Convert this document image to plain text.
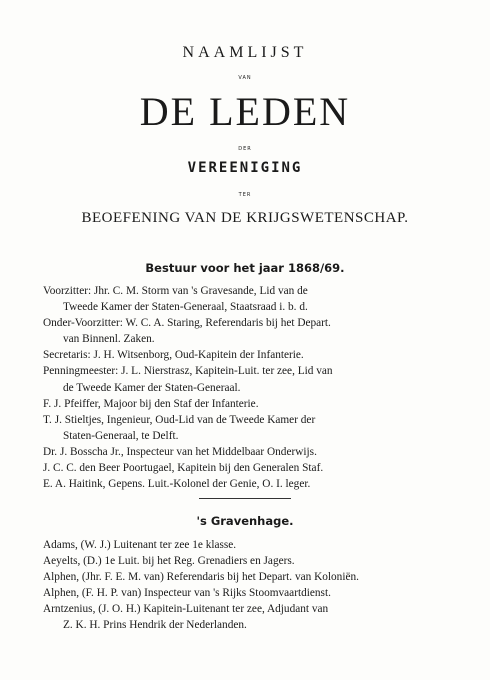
NAAMLIJST
VAN
DE LEDEN
DER
VEREENIGING
TER
BEOEFENING VAN DE KRIJGSWETENSCHAP.
Bestuur voor het jaar 1868/69.
Voorzitter: Jhr. C. M. Storm van 's Gravesande, Lid van de
Tweede Kamer der Staten-Generaal, Staatsraad i. b. d.
Onder-Voorzitter: W. C. A. Staring, Referendaris bij het Depart.
van Binnenl. Zaken.
Secretaris: J. H. Witsenborg, Oud-Kapitein der Infanterie.
Penningmeester: J. L. Nierstrasz, Kapitein-Luit. ter zee, Lid van
de Tweede Kamer der Staten-Generaal.
F. J. Pfeiffer, Majoor bij den Staf der Infanterie.
T. J. Stieltjes, Ingenieur, Oud-Lid van de Tweede Kamer der
Staten-Generaal, te Delft.
Dr. J. Bosscha Jr., Inspecteur van het Middelbaar Onderwijs.
J. C. C. den Beer Poortugael, Kapitein bij den Generalen Staf.
E. A. Haitink, Gepens. Luit.-Kolonel der Genie, O. I. leger.
's Gravenhage.
Adams, (W. J.) Luitenant ter zee 1e klasse.
Aeyelts, (D.) 1e Luit. bij het Reg. Grenadiers en Jagers.
Alphen, (Jhr. F. E. M. van) Referendaris bij het Depart. van Koloniën.
Alphen, (F. H. P. van) Inspecteur van 's Rijks Stoomvaartdienst.
Arntzenius, (J. O. H.) Kapitein-Luitenant ter zee, Adjudant van
Z. K. H. Prins Hendrik der Nederlanden.
